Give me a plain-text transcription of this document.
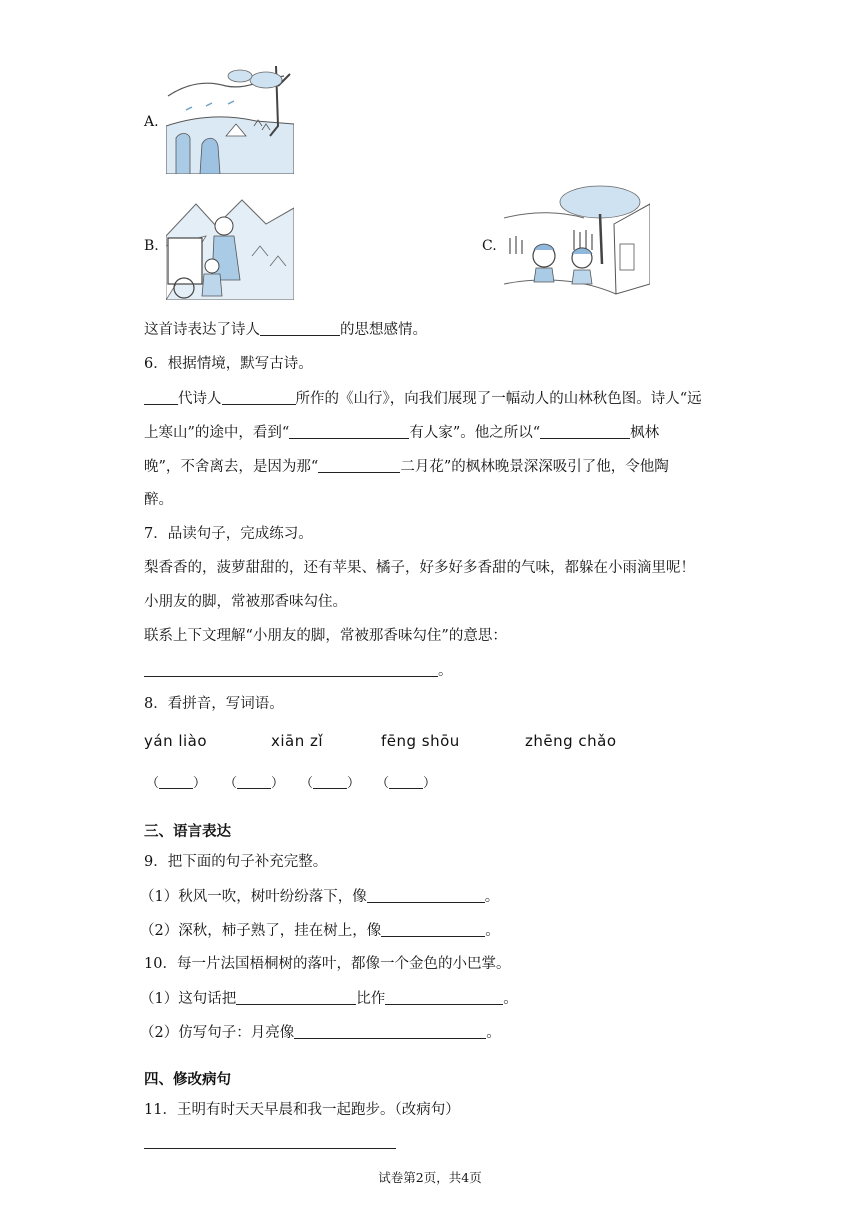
A.
B.	C.
这首诗表达了诗人	的思想感情。
6．根据情境，默写古诗。
代诗人	所作的《山行》，向我们展现了一幅动人的山林秋色图。诗人“远
上寒山”的途中，看到“	有人家”。他之所以“	枫林
晚”，不舍离去，是因为那“	二月花”的枫林晚景深深吸引了他，令他陶
醉。
7．品读句子，完成练习。
梨香香的，菠萝甜甜的，还有苹果、橘子，好多好多香甜的气味，都躲在小雨滴里呢！
小朋友的脚，常被那香味勾住。
联系上下文理解“小朋友的脚，常被那香味勾住”的意思：
。
8．看拼音，写词语。
yán liào	xiān zǐ	fēng shōu	zhēng chǎo
（	） （	） （	） （	）
三、语言表达
9．把下面的句子补充完整。
（1）秋风一吹，树叶纷纷落下，像	。
（2）深秋，柿子熟了，挂在树上，像	。
10．每一片法国梧桐树的落叶，都像一个金色的小巴掌。
（1）这句话把	比作	。
（2）仿写句子：月亮像	。
四、修改病句
11．王明有时天天早晨和我一起跑步。（改病句）
试卷第2页，共4页
